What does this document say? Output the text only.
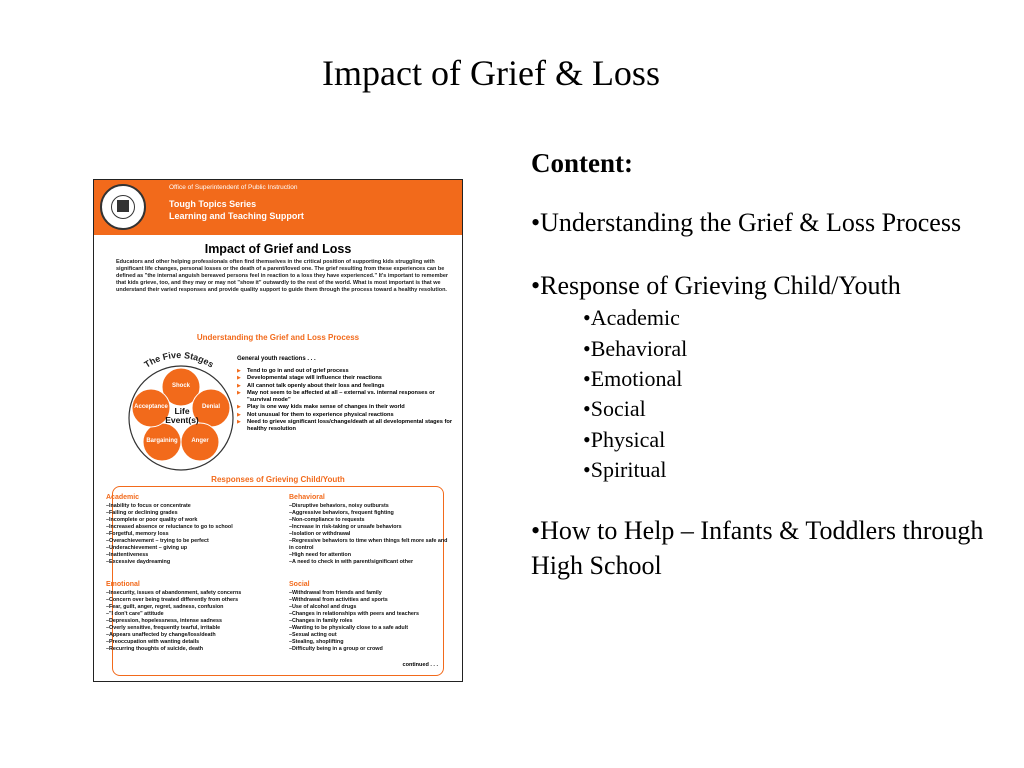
Impact of Grief & Loss
Office of Superintendent of Public Instruction
Tough Topics Series
Learning and Teaching Support
Impact of Grief and Loss
Educators and other helping professionals often find themselves in the critical position of supporting kids struggling with significant life changes, personal losses or the death of a parent/loved one. The grief resulting from these experiences can be defined as "the internal anguish bereaved persons feel in reaction to a loss they have experienced." It's important to remember that kids grieve, too, and they may or may not "show it" outwardly to the rest of the world. What is most important is that we understand their varied responses and provide quality support to guide them through the process toward a healthy resolution.
Understanding the Grief and Loss Process
The Five Stages
Shock
Denial
Anger
Bargaining
Acceptance Life Event(s)
General youth reactions . . .
▶ Tend to go in and out of grief process
▶ Developmental stage will influence their reactions
▶ All cannot talk openly about their loss and feelings
▶ May not seem to be affected at all – external vs. internal responses or "survival mode"
▶ Play is one way kids make sense of changes in their world
▶ Not unusual for them to experience physical reactions
▶ Need to grieve significant loss/change/death at all developmental stages for healthy resolution
Responses of Grieving Child/Youth
Academic
–Inability to focus or concentrate
–Failing or declining grades
–Incomplete or poor quality of work
–Increased absence or reluctance to go to school
–Forgetful, memory loss
–Overachievement – trying to be perfect
–Underachievement – giving up
–Inattentiveness
–Excessive daydreaming
Behavioral
–Disruptive behaviors, noisy outbursts
–Aggressive behaviors, frequent fighting
–Non-compliance to requests
–Increase in risk-taking or unsafe behaviors
–Isolation or withdrawal
–Regressive behaviors to time when things felt more safe and in control
–High need for attention
–A need to check in with parent/significant other
Emotional
–Insecurity, issues of abandonment, safety concerns
–Concern over being treated differently from others
–Fear, guilt, anger, regret, sadness, confusion
–"I don't care" attitude
–Depression, hopelessness, intense sadness
–Overly sensitive, frequently tearful, irritable
–Appears unaffected by change/loss/death
–Preoccupation with wanting details
–Recurring thoughts of suicide, death
Social
–Withdrawal from friends and family
–Withdrawal from activities and sports
–Use of alcohol and drugs
–Changes in relationships with peers and teachers
–Changes in family roles
–Wanting to be physically close to a safe adult
–Sexual acting out
–Stealing, shoplifting
–Difficulty being in a group or crowd
continued . . .
Content:

•Understanding the Grief & Loss Process

•Response of Grieving Child/Youth

•Academic
•Behavioral
•Emotional
•Social
•Physical
•Spiritual

•How to Help – Infants & Toddlers through High School
